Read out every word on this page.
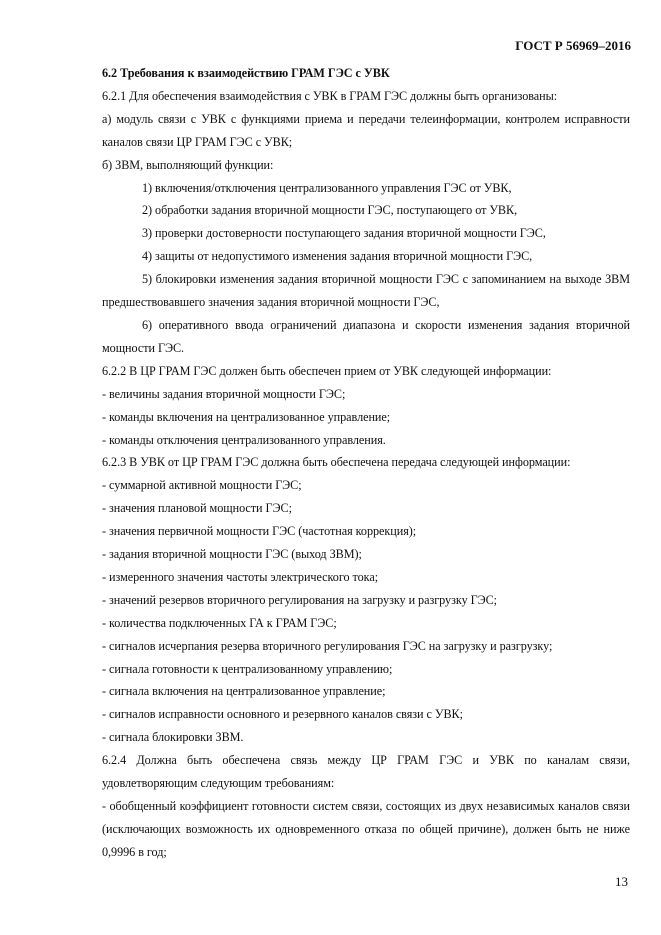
ГОСТ Р 56969–2016

6.2 Требования к взаимодействию ГРАМ ГЭС с УВК

6.2.1 Для обеспечения взаимодействия с УВК в ГРАМ ГЭС должны быть организованы:

а) модуль связи с УВК с функциями приема и передачи телеинформации, контролем исправности каналов связи ЦР ГРАМ ГЭС с УВК;

б) ЗВМ, выполняющий функции:

1) включения/отключения централизованного управления ГЭС от УВК,

2) обработки задания вторичной мощности ГЭС, поступающего от УВК,

3) проверки достоверности поступающего задания вторичной мощности ГЭС,

4) защиты от недопустимого изменения задания вторичной мощности ГЭС,

5) блокировки изменения задания вторичной мощности ГЭС с запоминанием на выходе ЗВМ предшествовавшего значения задания вторичной мощности ГЭС,

6) оперативного ввода ограничений диапазона и скорости изменения задания вторичной мощности ГЭС.

6.2.2 В ЦР ГРАМ ГЭС должен быть обеспечен прием от УВК следующей информации:

- величины задания вторичной мощности ГЭС;

- команды включения на централизованное управление;

- команды отключения централизованного управления.

6.2.3 В УВК от ЦР ГРАМ ГЭС должна быть обеспечена передача следующей информации:

- суммарной активной мощности ГЭС;

- значения плановой мощности ГЭС;

- значения первичной мощности ГЭС (частотная коррекция);

- задания вторичной мощности ГЭС (выход ЗВМ);

- измеренного значения частоты электрического тока;

- значений резервов вторичного регулирования на загрузку и разгрузку ГЭС;

- количества подключенных ГА к ГРАМ ГЭС;

- сигналов исчерпания резерва вторичного регулирования ГЭС на загрузку и разгрузку;

- сигнала готовности к централизованному управлению;

- сигнала включения на централизованное управление;

- сигналов исправности основного и резервного каналов связи с УВК;

- сигнала блокировки ЗВМ.

6.2.4 Должна быть обеспечена связь между ЦР ГРАМ ГЭС и УВК по каналам связи, удовлетворяющим следующим требованиям:

- обобщенный коэффициент готовности систем связи, состоящих из двух независимых каналов связи (исключающих возможность их одновременного отказа по общей причине), должен быть не ниже 0,9996 в год;

13
